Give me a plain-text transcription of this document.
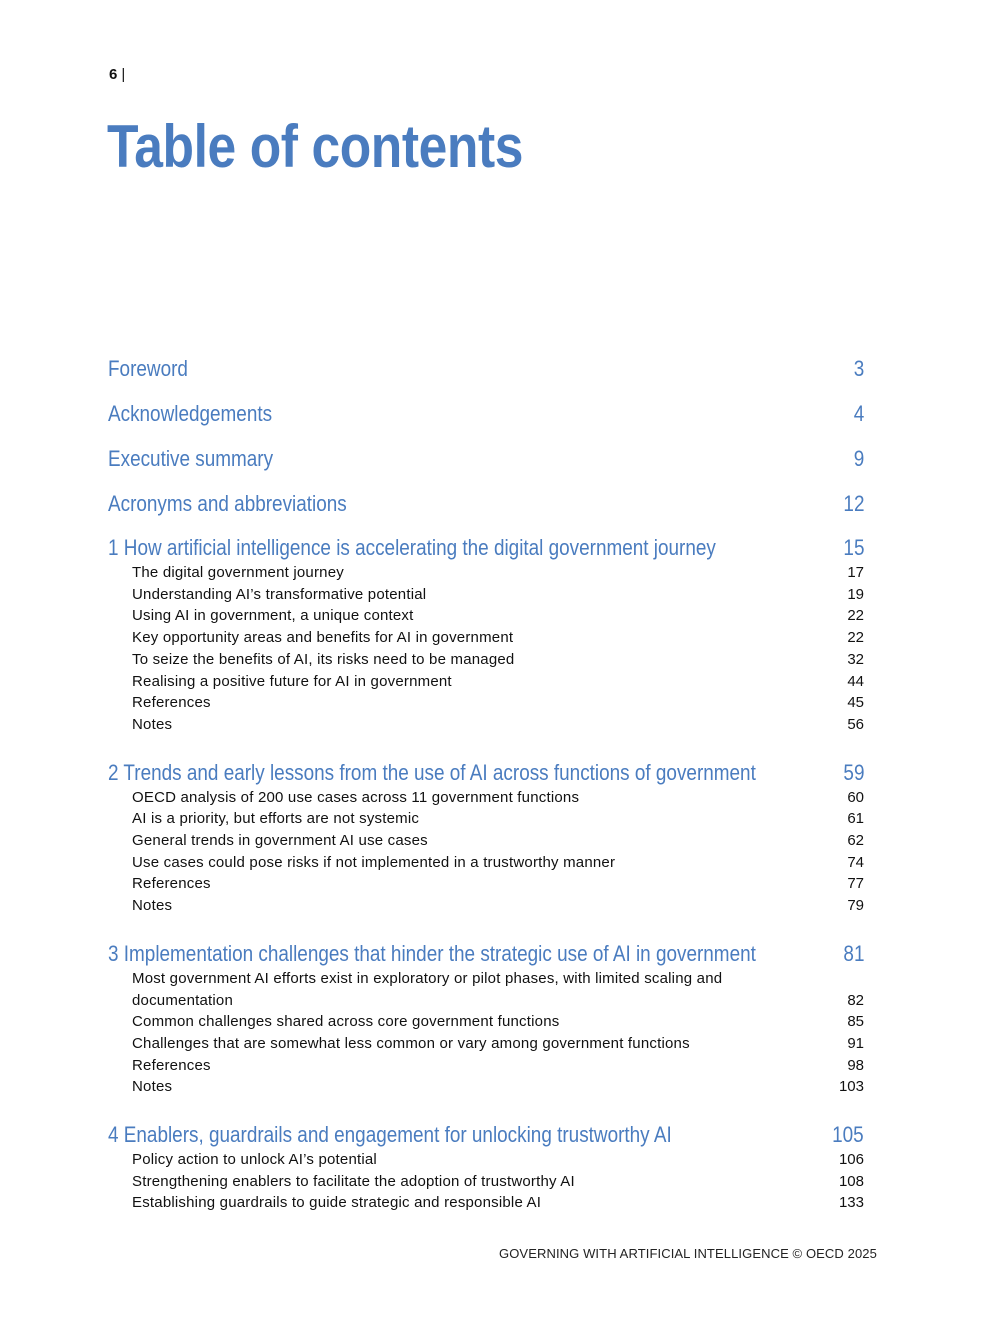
6 |
Table of contents
Foreword	3
Acknowledgements	4
Executive summary	9
Acronyms and abbreviations	12
1 How artificial intelligence is accelerating the digital government journey	15
The digital government journey	17
Understanding AI’s transformative potential	19
Using AI in government, a unique context	22
Key opportunity areas and benefits for AI in government	22
To seize the benefits of AI, its risks need to be managed	32
Realising a positive future for AI in government	44
References	45
Notes	56
2 Trends and early lessons from the use of AI across functions of government	59
OECD analysis of 200 use cases across 11 government functions	60
AI is a priority, but efforts are not systemic	61
General trends in government AI use cases	62
Use cases could pose risks if not implemented in a trustworthy manner	74
References	77
Notes	79
3 Implementation challenges that hinder the strategic use of AI in government	81
Most government AI efforts exist in exploratory or pilot phases, with limited scaling and documentation	82
Common challenges shared across core government functions	85
Challenges that are somewhat less common or vary among government functions	91
References	98
Notes	103
4 Enablers, guardrails and engagement for unlocking trustworthy AI	105
Policy action to unlock AI’s potential	106
Strengthening enablers to facilitate the adoption of trustworthy AI	108
Establishing guardrails to guide strategic and responsible AI	133
GOVERNING WITH ARTIFICIAL INTELLIGENCE © OECD 2025
